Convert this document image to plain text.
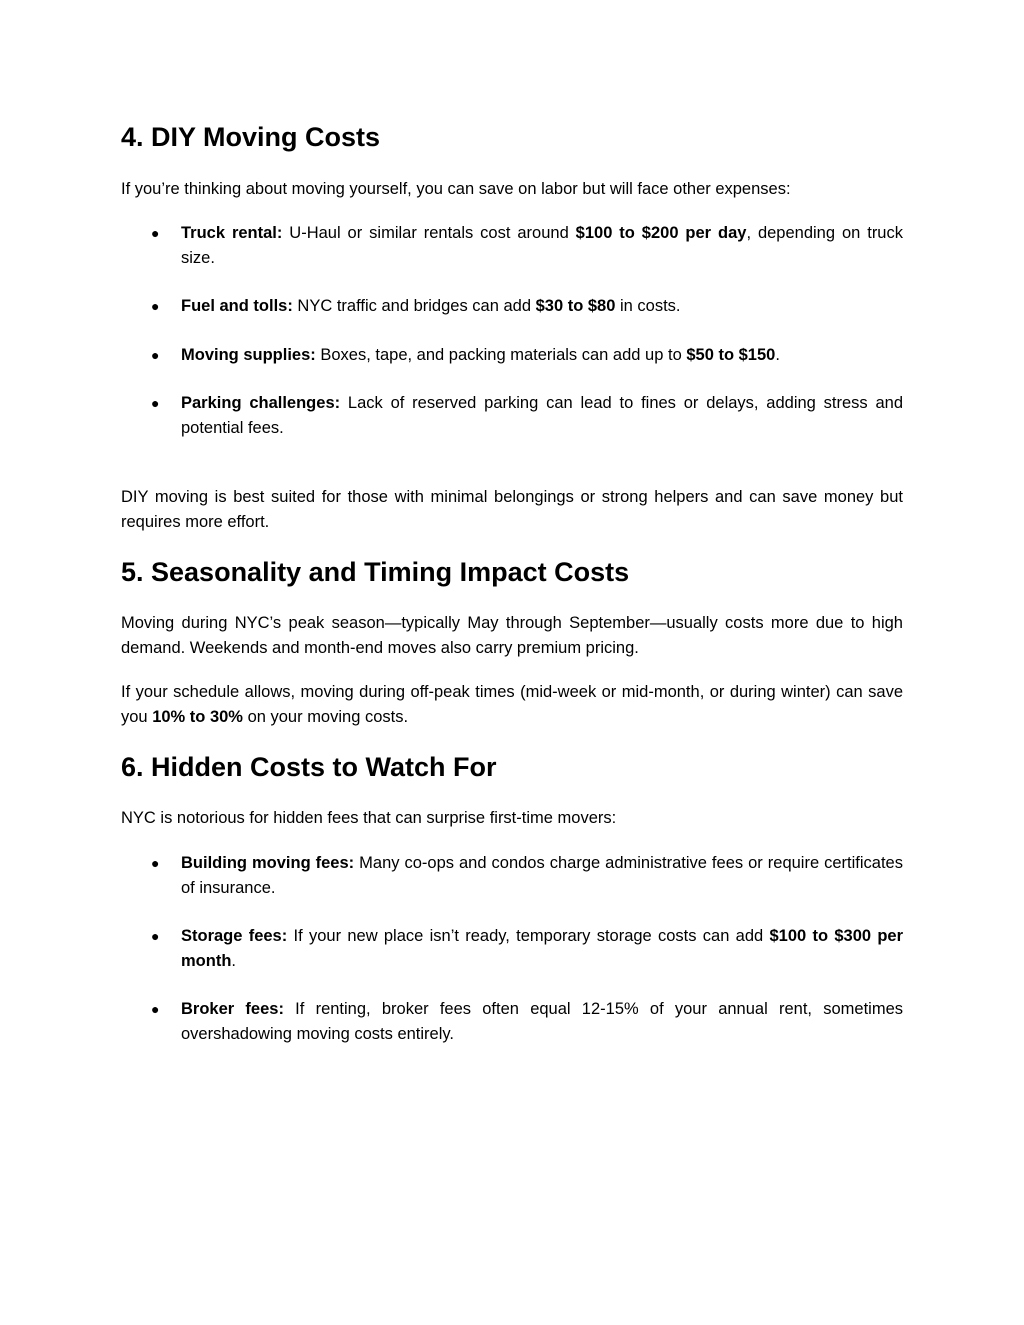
4. DIY Moving Costs

If you’re thinking about moving yourself, you can save on labor but will face other expenses:

● Truck rental: U-Haul or similar rentals cost around $100 to $200 per day, depending on truck size.
● Fuel and tolls: NYC traffic and bridges can add $30 to $80 in costs.
● Moving supplies: Boxes, tape, and packing materials can add up to $50 to $150.
● Parking challenges: Lack of reserved parking can lead to fines or delays, adding stress and potential fees.

DIY moving is best suited for those with minimal belongings or strong helpers and can save money but requires more effort.

5. Seasonality and Timing Impact Costs

Moving during NYC’s peak season—typically May through September—usually costs more due to high demand. Weekends and month-end moves also carry premium pricing.

If your schedule allows, moving during off-peak times (mid-week or mid-month, or during winter) can save you 10% to 30% on your moving costs.

6. Hidden Costs to Watch For

NYC is notorious for hidden fees that can surprise first-time movers:

● Building moving fees: Many co-ops and condos charge administrative fees or require certificates of insurance.
● Storage fees: If your new place isn’t ready, temporary storage costs can add $100 to $300 per month.
● Broker fees: If renting, broker fees often equal 12-15% of your annual rent, sometimes overshadowing moving costs entirely.
